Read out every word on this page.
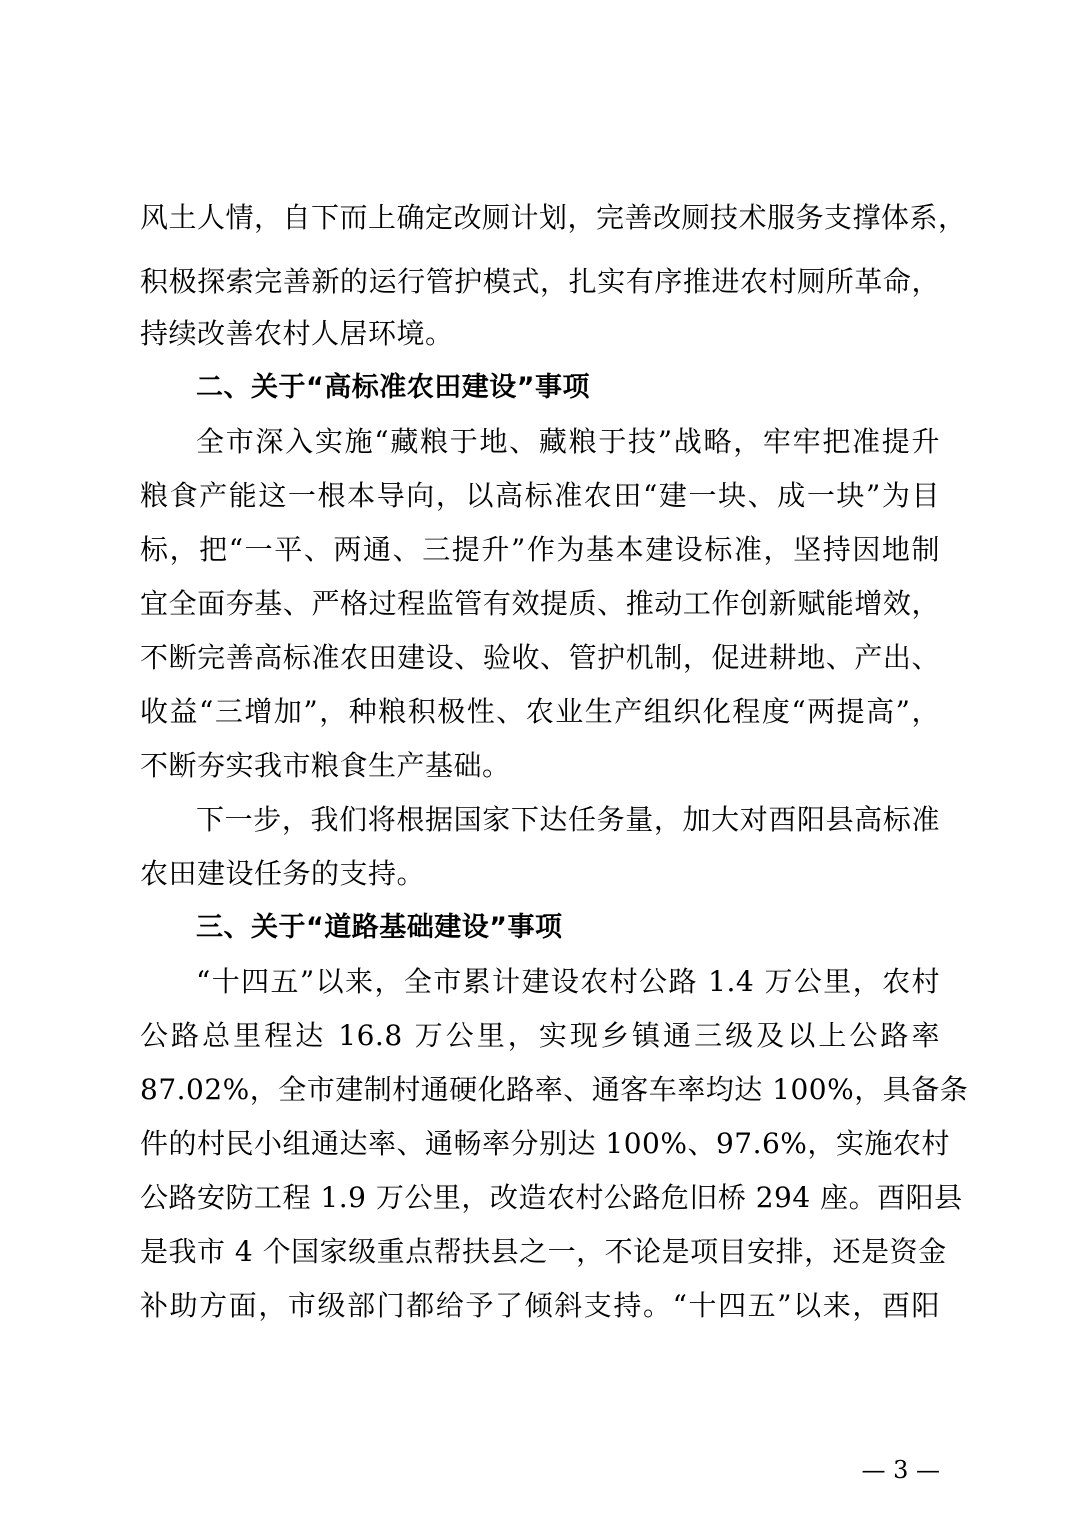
风土人情，自下而上确定改厕计划，完善改厕技术服务支撑体系，
积极探索完善新的运行管护模式，扎实有序推进农村厕所革命，
持续改善农村人居环境。
二、关于“高标准农田建设”事项
全市深入实施“藏粮于地、藏粮于技”战略，牢牢把准提升
粮食产能这一根本导向，以高标准农田“建一块、成一块”为目
标，把“一平、两通、三提升”作为基本建设标准，坚持因地制
宜全面夯基、严格过程监管有效提质、推动工作创新赋能增效，
不断完善高标准农田建设、验收、管护机制，促进耕地、产出、
收益“三增加”，种粮积极性、农业生产组织化程度“两提高”，
不断夯实我市粮食生产基础。
下一步，我们将根据国家下达任务量，加大对酉阳县高标准
农田建设任务的支持。
三、关于“道路基础建设”事项
“十四五”以来，全市累计建设农村公路 1.4 万公里，农村
公路总里程达 16.8 万公里，实现乡镇通三级及以上公路率
87.02%，全市建制村通硬化路率、通客车率均达 100%，具备条
件的村民小组通达率、通畅率分别达 100%、97.6%，实施农村
公路安防工程 1.9 万公里，改造农村公路危旧桥 294 座。酉阳县
是我市 4 个国家级重点帮扶县之一，不论是项目安排，还是资金
补助方面，市级部门都给予了倾斜支持。“十四五”以来，酉阳
— 3 —
